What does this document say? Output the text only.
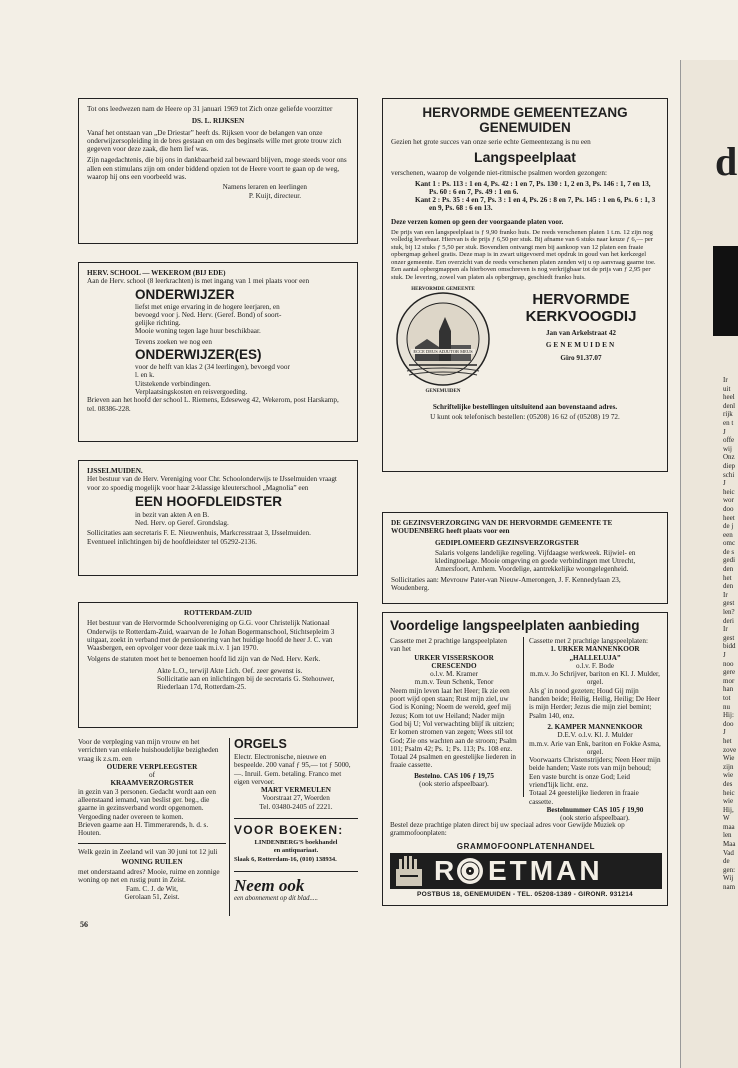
Tot ons leedwezen nam de Heere op 31 januari 1969 tot Zich onze geliefde voorzitter

DS. L. RIJKSEN

Vanaf het ontstaan van „De Driestar” heeft ds. Rijksen voor de belangen van onze onderwijzersopleiding in de bres gestaan en om des beginsels wille met grote trouw zich gegeven voor deze zaak, die hem lief was.

Zijn nagedachtenis, die bij ons in dankbaarheid zal bewaard blijven, moge steeds voor ons allen een stimulans zijn om onder biddend opzien tot de Heere voort te gaan op de weg, waarop hij ons een voorbeeld was.

Namens leraren en leerlingen

P. Kuijt, directeur.

HERV. SCHOOL — WEKEROM (BIJ EDE)

Aan de Herv. school (8 leerkrachten) is met ingang van 1 mei plaats voor een

ONDERWIJZER

liefst met enige ervaring in de hogere leerjaren, en

bevoegd voor j. Ned. Herv. (Geref. Bond) of soort-

gelijke richting.

Mooie woning tegen lage huur beschikbaar.

Tevens zoeken we nog een

ONDERWIJZER(ES)

voor de helft van klas 2 (34 leerlingen), bevoegd voor

l. en k.

Uitstekende verbindingen.

Verplaatsingskosten en reisvergoeding.

Brieven aan het hoofd der school L. Riemens, Edeseweg 42, Wekerom, post Harskamp, tel. 08386-228.

IJSSELMUIDEN.

Het bestuur van de Herv. Vereniging voor Chr. Schoolonderwijs te IJsselmuiden vraagt voor zo spoedig mogelijk voor haar 2-klassige kleuterschool „Magnolia” een

EEN HOOFDLEIDSTER

in bezit van akten A en B.

Ned. Herv. op Geref. Grondslag.

Sollicitaties aan secretaris F. E. Nieuwenhuis, Markcresstraat 3, IJsselmuiden.

Eventueel inlichtingen bij de hoofdleidster tel 05292-2136.

ROTTERDAM-ZUID

Het bestuur van de Hervormde Schoolvereniging op G.G. voor Christelijk Nationaal Onderwijs te Rotterdam-Zuid, waarvan de 1e Johan Bogermanschool, Stichtsepleim 3 uitgaat, zoekt in verband met de pensionering van het huidige hoofd de heer J. C. van Waasbergen, een opvolger voor deze taak m.i.v. 1 jan 1970.

Volgens de statuten moet het te benoemen hoofd lid zijn van de Ned. Herv. Kerk.

Akte L.O., terwijl Akte Lich. Oef. zeer gewenst is.

Sollicitatie aan en inlichtingen bij de secretaris G. Stehouwer, Riederlaan 17d, Rotterdam-25.

Voor de verpleging van mijn vrouw en het verrichten van enkele huishoudelijke bezigheden vraag ik z.s.m. een

OUDERE VERPLEEGSTER

of

KRAAMVERZORGSTER

in gezin van 3 personen. Gedacht wordt aan een alleenstaand iemand, van beslist ger. beg., die gaarne in gezinsverband wordt opgenomen. Vergoeding nader overeen te komen.

Brieven gaarne aan H. Timmerarends, h. d. s. Houten.

Welk gezin in Zeeland wil van 30 juni tot 12 juli

WONING RUILEN

met onderstaand adres? Mooie, ruime en zonnige woning op net en rustig punt in Zeist.

Fam. C. J. de Wit,

Gerolaan 51, Zeist.

ORGELS

Electr. Electronische, nieuwe en bespeelde. 200 vanaf ƒ 95,— tot ƒ 5000,—. Inruil. Gem. betaling. Franco met eigen vervoer.

MART VERMEULEN

Voorstraat 27, Woerden

Tel. 03480-2405 of 2221.

VOOR BOEKEN:

LINDENBERG'S boekhandel

en antiquariaat.

Slaak 6, Rotterdam-16, (010) 138934.

Neem ook

een abonnement op dit blad.....

56

HERVORMDE GEMEENTEZANG

GENEMUIDEN

Gezien het grote succes van onze serie echte Gemeentezang is nu een

Langspeelplaat

verschenen, waarop de volgende niet-ritmische psalmen worden gezongen:

Kant 1 : Ps. 113 : 1 en 4, Ps. 42 : 1 en 7, Ps. 130 : 1, 2 en 3, Ps. 146 : 1, 7 en 13, Ps. 60 : 6 en 7, Ps. 49 : 1 en 6.

Kant 2 : Ps. 35 : 4 en 7, Ps. 3 : 1 en 4, Ps. 26 : 8 en 7, Ps. 145 : 1 en 6, Ps. 6 : 1, 3 en 9, Ps. 68 : 6 en 13.

Deze verzen komen op geen der voorgaande platen voor.

De prijs van een langspeelplaat is ƒ 9,90 franko huis. De reeds verschenen platen 1 t.m. 12 zijn nog volledig leverbaar. Hiervan is de prijs ƒ 6,50 per stuk. Bij afname van 6 stuks naar keuze ƒ 6,— per stuk, bij 12 stuks ƒ 5,50 per stuk. Bovendien ontvangt men bij aankoop van 12 platen een fraaie opbergmap geheel gratis. Deze map is in zwart uitgevoerd met opdruk in goud van het kerkzegel onzer gemeente. Een overzicht van de reeds verschenen platen zenden wij u op aanvraag gaarne toe. Een aantal opbergmappen als hierboven omschreven is nog verkrijgbaar tot de prijs van ƒ 2,95 per stuk. De levering, zowel van platen als opbergmap, geschiedt franko huis.

HERVORMDE GEMEENTE

GENEMUIDEN

ECCE DEUS ADJUTOR MEUS

HERVORMDE

KERKVOOGDIJ

Jan van Arkelstraat 42

GENEMUIDEN

Giro 91.37.07

Schriftelijke bestellingen uitsluitend aan bovenstaand adres.

U kunt ook telefonisch bestellen: (05208) 16 62 of (05208) 19 72.

DE GEZINSVERZORGING VAN DE HERVORMDE GEMEENTE TE WOUDENBERG heeft plaats voor een

GEDIPLOMEERD GEZINSVERZORGSTER

Salaris volgens landelijke regeling. Vijfdaagse werkweek. Rijwiel- en kledingtoelage. Mooie omgeving en goede verbindingen met Utrecht, Amersfoort, Arnhem. Voordelige, aantrekkelijke woongelegenheid.

Sollicitaties aan: Mevrouw Pater-van Nieuw-Amerongen, J. F. Kennedylaan 23, Woudenberg.

Voordelige langspeelplaten aanbieding

Cassette met 2 prachtige langspeelplaten van het

URKER VISSERSKOOR

CRESCENDO

o.l.v. M. Kramer

m.m.v. Teun Schenk, Tenor

Neem mijn leven laat het Heer; Ik zie een poort wijd open staan; Rust mijn ziel, uw God is Koning; Noem de wereld, geef mij Jezus; Kom tot uw Heiland; Nader mijn God bij U; Vol verwachting blijf ik uitzien; Er komen stromen van zegen; Wees stil tot God; Zie ons wachten aan de stroom; Psalm 101; Psalm 42; Ps. 1; Ps. 113; Ps. 108 enz. Totaal 24 psalmen en geestelijke liederen in fraaie cassette.

Bestelno. CAS 106 ƒ 19,75

(ook sterio afspeelbaar).

Cassette met 2 prachtige langspeelplaten:

1. URKER MANNENKOOR

„HALLELUJA”

o.l.v. F. Bode

m.m.v. Jo Schrijver, bariton en Kl. J. Mulder, orgel.

Als g' in nood gezeten; Houd Gij mijn handen beide; Heilig, Heilig, Heilig; De Heer is mijn Herder; Jezus die mijn ziel bemint; Psalm 140, enz.

2. KAMPER MANNENKOOR

D.E.V. o.l.v. Kl. J. Mulder

m.m.v. Arie van Enk, bariton en Fokke Asma, orgel.

Voorwaarts Christenstrijders; Neen Heer mijn beide handen; Vaste rots van mijn behoud; Een vaste burcht is onze God; Leid vriend'lijk licht. enz.

Totaal 24 geestelijke liederen in fraaie cassette.

Bestelnummer CAS 105 ƒ 19,90

(ook sterio afspeelbaar).

Bestel deze prachtige platen direct bij uw speciaal adres voor Gewijde Muziek op grammofoonplaten:

GRAMMOFOONPLATENHANDEL

R ETMAN

POSTBUS 18, GENEMUIDEN - TEL. 05208-1389 - GIRONR. 931214

d
Ir
uit
heel
denl
rijk
en t
J
offe
wij
Onz
diep
schi
J
heic
wor
doo
heet
de j
een
omc
de s
gedi
den
het
den
Ir
gest
len?
deri
Ir
gest
bidd
J
noo
gere
mor
han
tot
nu
Hij:
doo
J
het
zove
Wie
zijn
wie
des
heic
wie
Hij,
W
maa
len
Maa
Vad
de
gen:
Wij
nam
